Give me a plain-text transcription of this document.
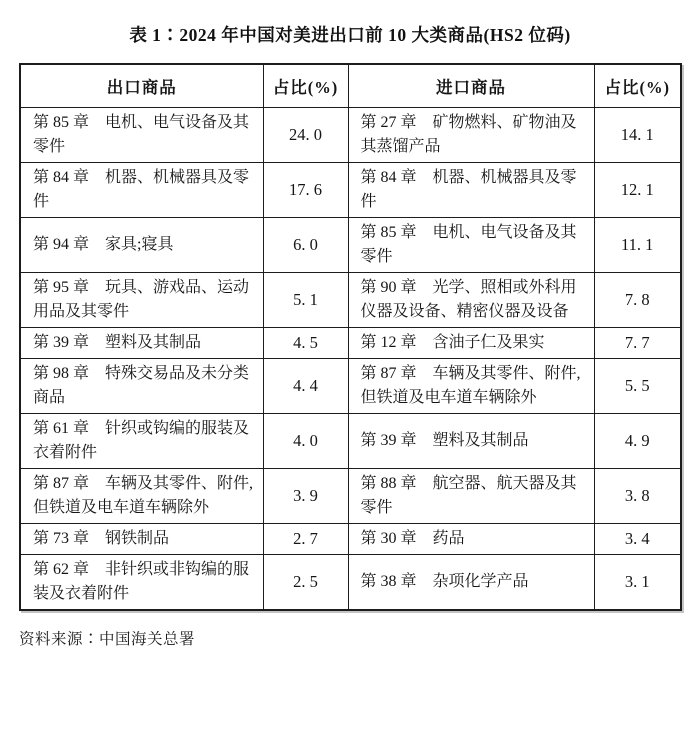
表 1∶2024 年中国对美进出口前 10 大类商品(HS2 位码)
出口商品	占比(%)	进口商品	占比(%)
第 85 章　电机、电气设备及其零件	24. 0	第 27 章　矿物燃料、矿物油及其蒸馏产品	14. 1
第 84 章　机器、机械器具及零件	17. 6	第 84 章　机器、机械器具及零件	12. 1
第 94 章　家具;寝具	6. 0	第 85 章　电机、电气设备及其零件	11. 1
第 95 章　玩具、游戏品、运动用品及其零件	5. 1	第 90 章　光学、照相或外科用仪器及设备、精密仪器及设备	7. 8
第 39 章　塑料及其制品	4. 5	第 12 章　含油子仁及果实	7. 7
第 98 章　特殊交易品及未分类商品	4. 4	第 87 章　车辆及其零件、附件,但铁道及电车道车辆除外	5. 5
第 61 章　针织或钩编的服装及衣着附件	4. 0	第 39 章　塑料及其制品	4. 9
第 87 章　车辆及其零件、附件,但铁道及电车道车辆除外	3. 9	第 88 章　航空器、航天器及其零件	3. 8
第 73 章　钢铁制品	2. 7	第 30 章　药品	3. 4
第 62 章　非针织或非钩编的服装及衣着附件	2. 5	第 38 章　杂项化学产品	3. 1
资料来源∶中国海关总署
